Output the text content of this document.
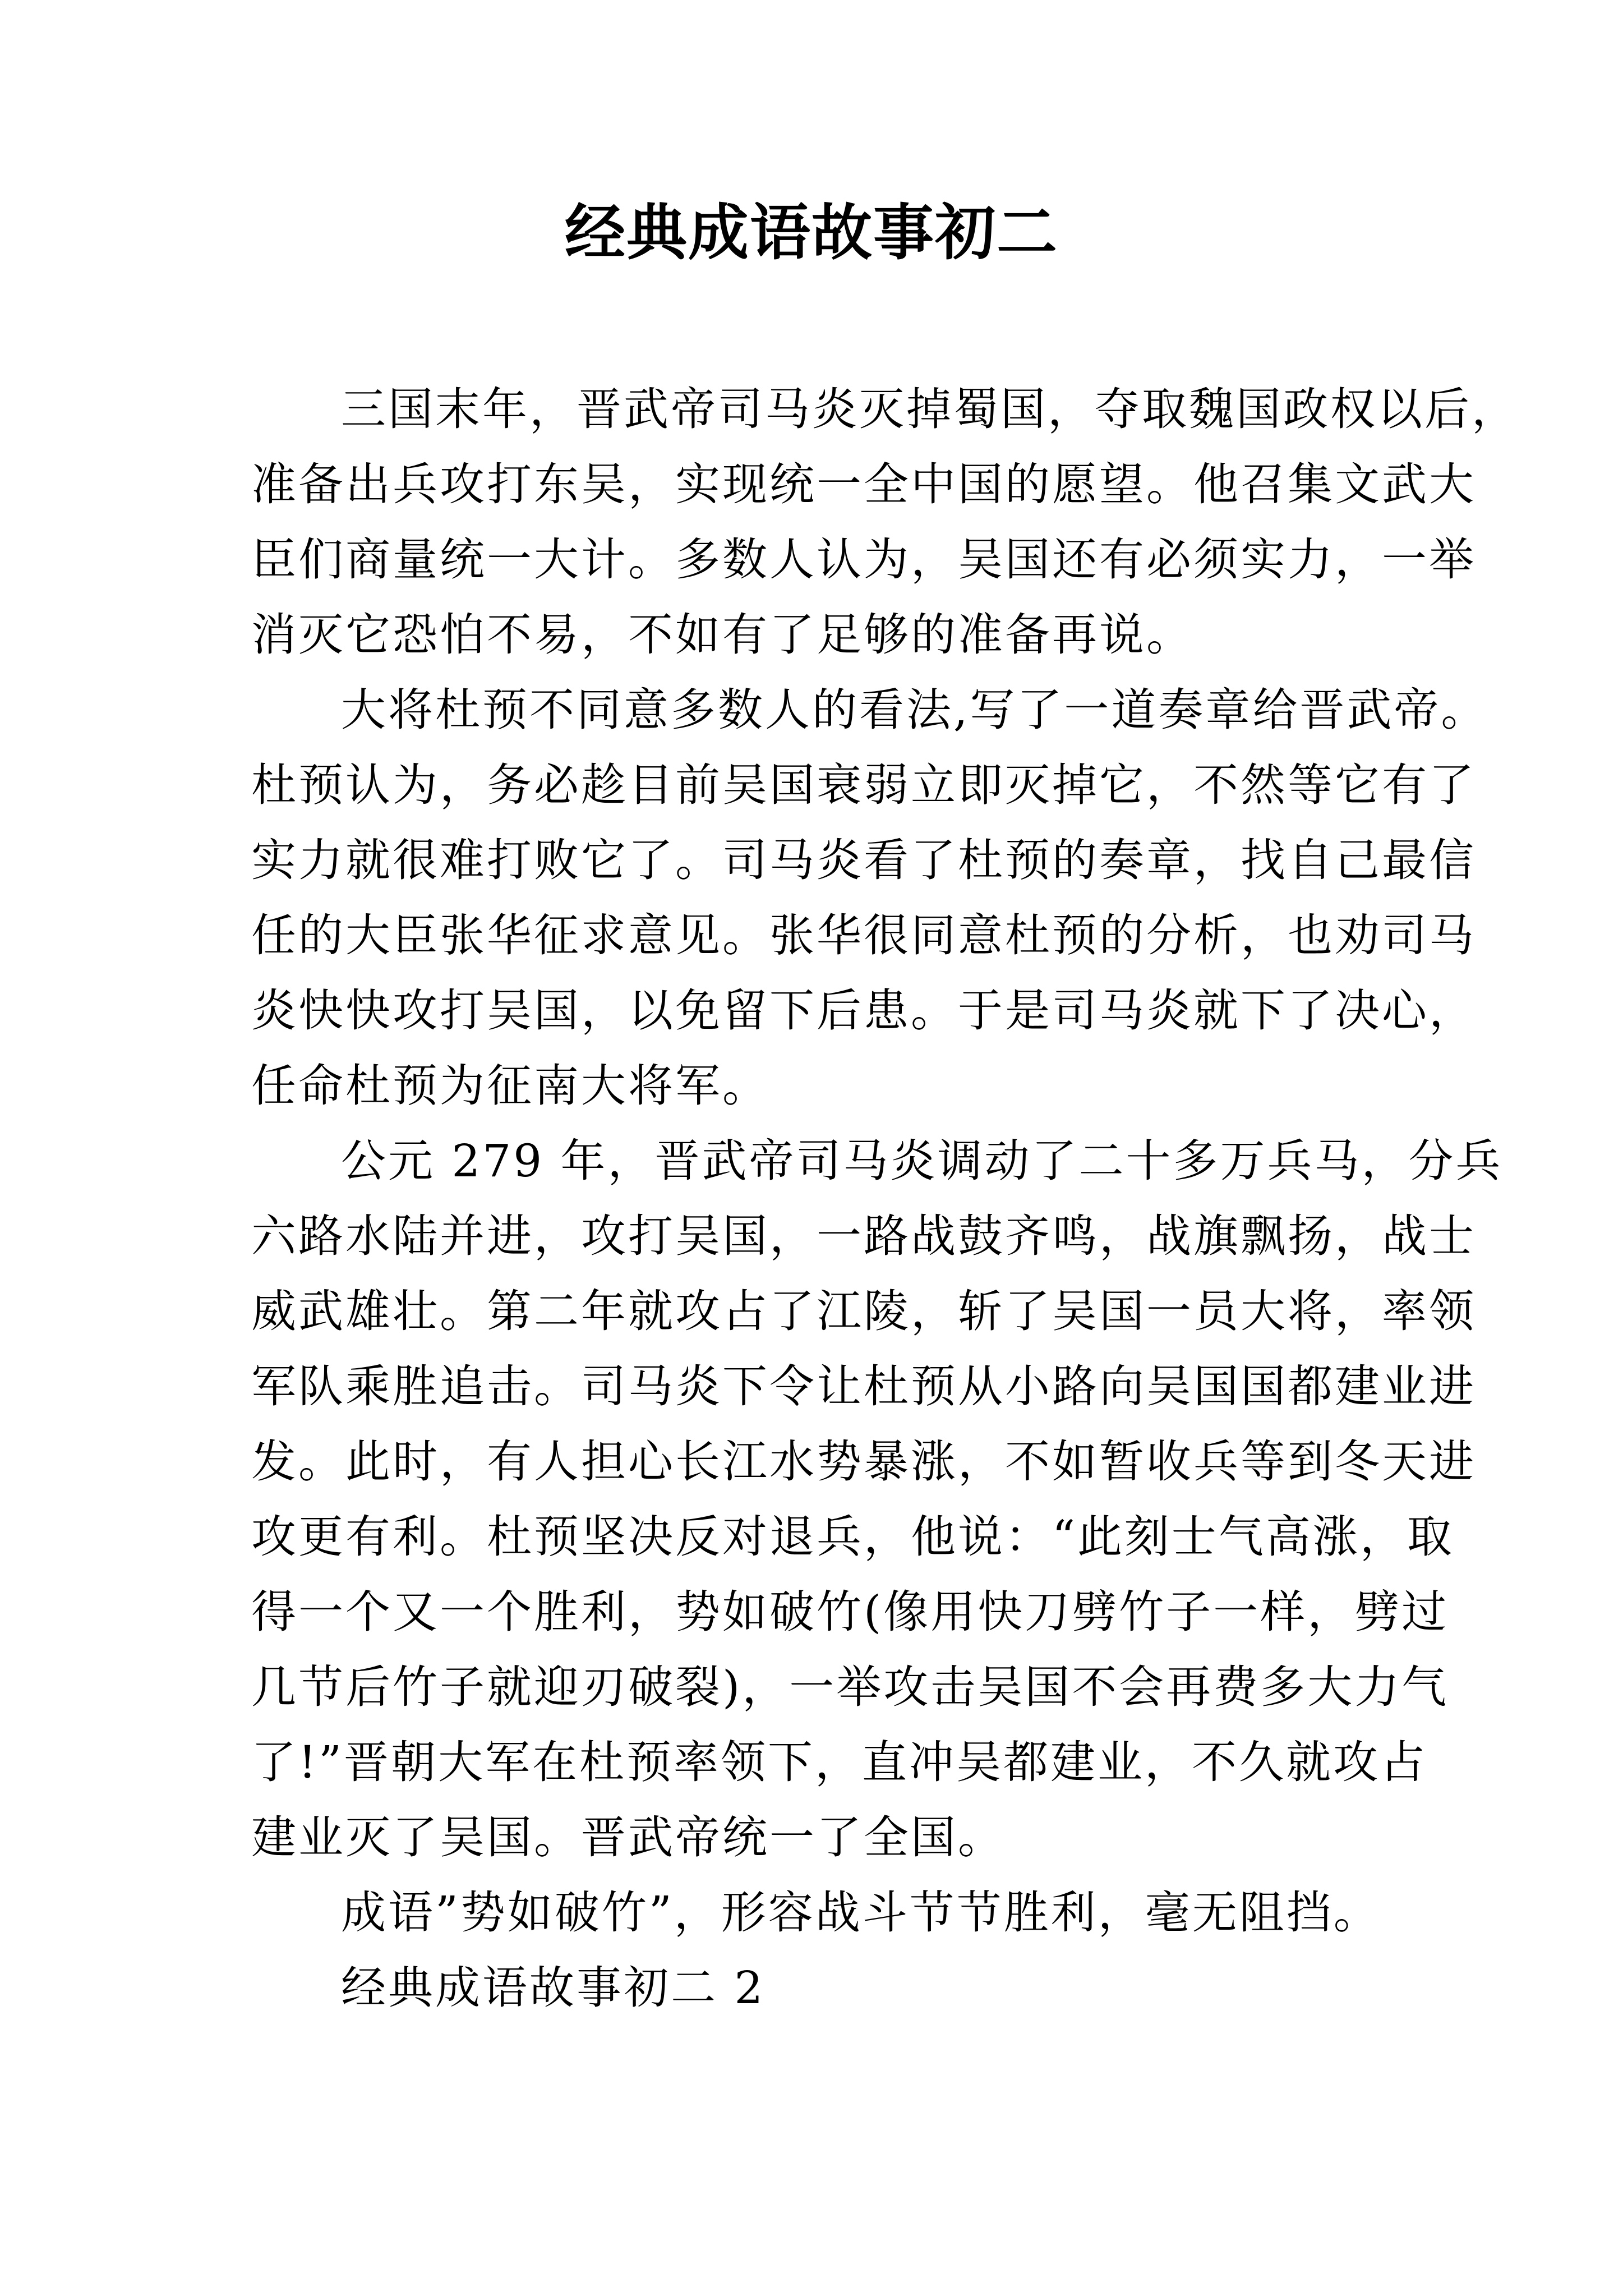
经典成语故事初二
三国末年，晋武帝司马炎灭掉蜀国，夺取魏国政权以后，
准备出兵攻打东吴，实现统一全中国的愿望。他召集文武大
臣们商量统一大计。多数人认为，吴国还有必须实力，一举
消灭它恐怕不易，不如有了足够的准备再说。
大将杜预不同意多数人的看法,写了一道奏章给晋武帝。
杜预认为，务必趁目前吴国衰弱立即灭掉它，不然等它有了
实力就很难打败它了。司马炎看了杜预的奏章，找自己最信
任的大臣张华征求意见。张华很同意杜预的分析，也劝司马
炎快快攻打吴国，以免留下后患。于是司马炎就下了决心，
任命杜预为征南大将军。
公元 279 年，晋武帝司马炎调动了二十多万兵马，分兵
六路水陆并进，攻打吴国，一路战鼓齐鸣，战旗飘扬，战士
威武雄壮。第二年就攻占了江陵，斩了吴国一员大将，率领
军队乘胜追击。司马炎下令让杜预从小路向吴国国都建业进
发。此时，有人担心长江水势暴涨，不如暂收兵等到冬天进
攻更有利。杜预坚决反对退兵，他说：“此刻士气高涨，取
得一个又一个胜利，势如破竹(像用快刀劈竹子一样，劈过
几节后竹子就迎刃破裂)，一举攻击吴国不会再费多大力气
了!”晋朝大军在杜预率领下，直冲吴都建业，不久就攻占
建业灭了吴国。晋武帝统一了全国。
成语”势如破竹”，形容战斗节节胜利，毫无阻挡。
经典成语故事初二 2
